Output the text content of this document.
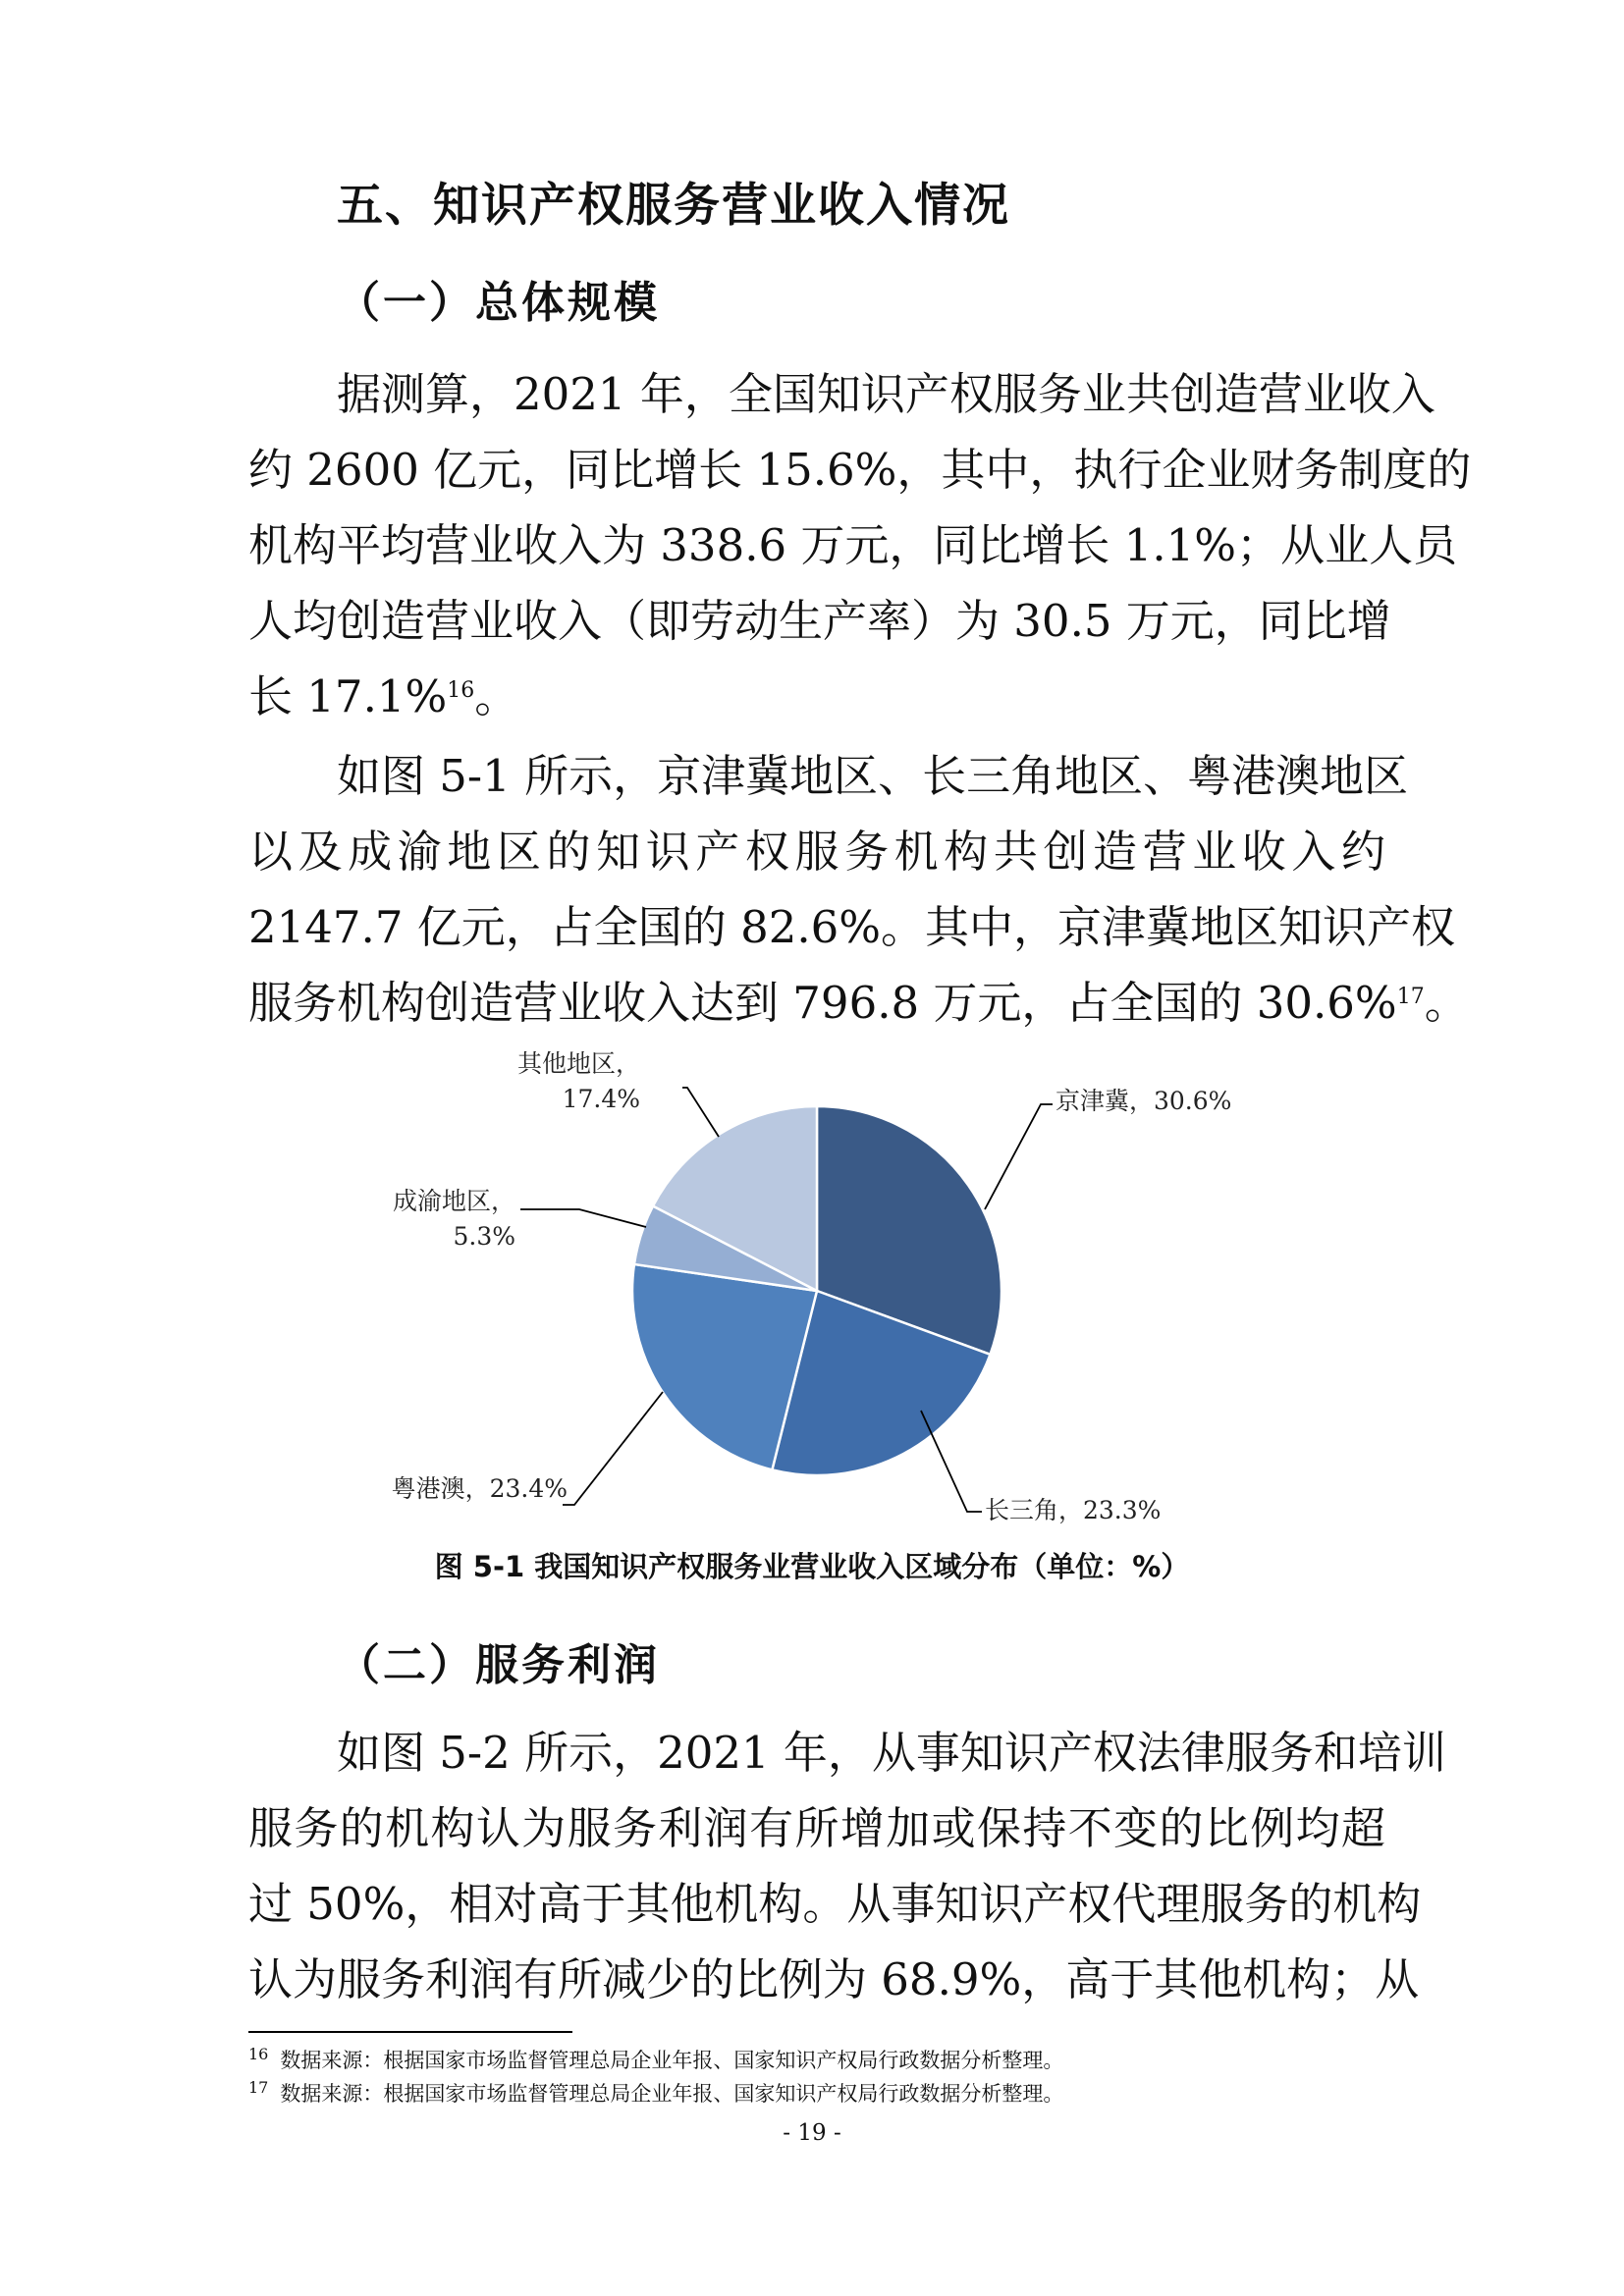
五、知识产权服务营业收入情况
（一）总体规模
据测算，2021 年，全国知识产权服务业共创造营业收入
约 2600 亿元，同比增长 15.6%，其中，执行企业财务制度的
机构平均营业收入为 338.6 万元，同比增长 1.1%；从业人员
人均创造营业收入（即劳动生产率）为 30.5 万元，同比增
长 17.1%$^{16}$。
如图 5-1 所示，京津冀地区、长三角地区、粤港澳地区
以及成渝地区的知识产权服务机构共创造营业收入约
2147.7 亿元，占全国的 82.6%。其中，京津冀地区知识产权
服务机构创造营业收入达到 796.8 万元，占全国的 30.6%$^{17}$。
京津冀，30.6%
长三角，23.3%
粤港澳，23.4%
成渝地区，
5.3%
其他地区，
17.4%

图 5-1 我国知识产权服务业营业收入区域分布（单位：%）

（二）服务利润
如图 5-2 所示，2021 年，从事知识产权法律服务和培训
服务的机构认为服务利润有所增加或保持不变的比例均超
过 50%，相对高于其他机构。从事知识产权代理服务的机构
认为服务利润有所减少的比例为 68.9%，高于其他机构；从
$^{16}$ 数据来源：根据国家市场监督管理总局企业年报、国家知识产权局行政数据分析整理。
$^{17}$ 数据来源：根据国家市场监督管理总局企业年报、国家知识产权局行政数据分析整理。
- 19 -
